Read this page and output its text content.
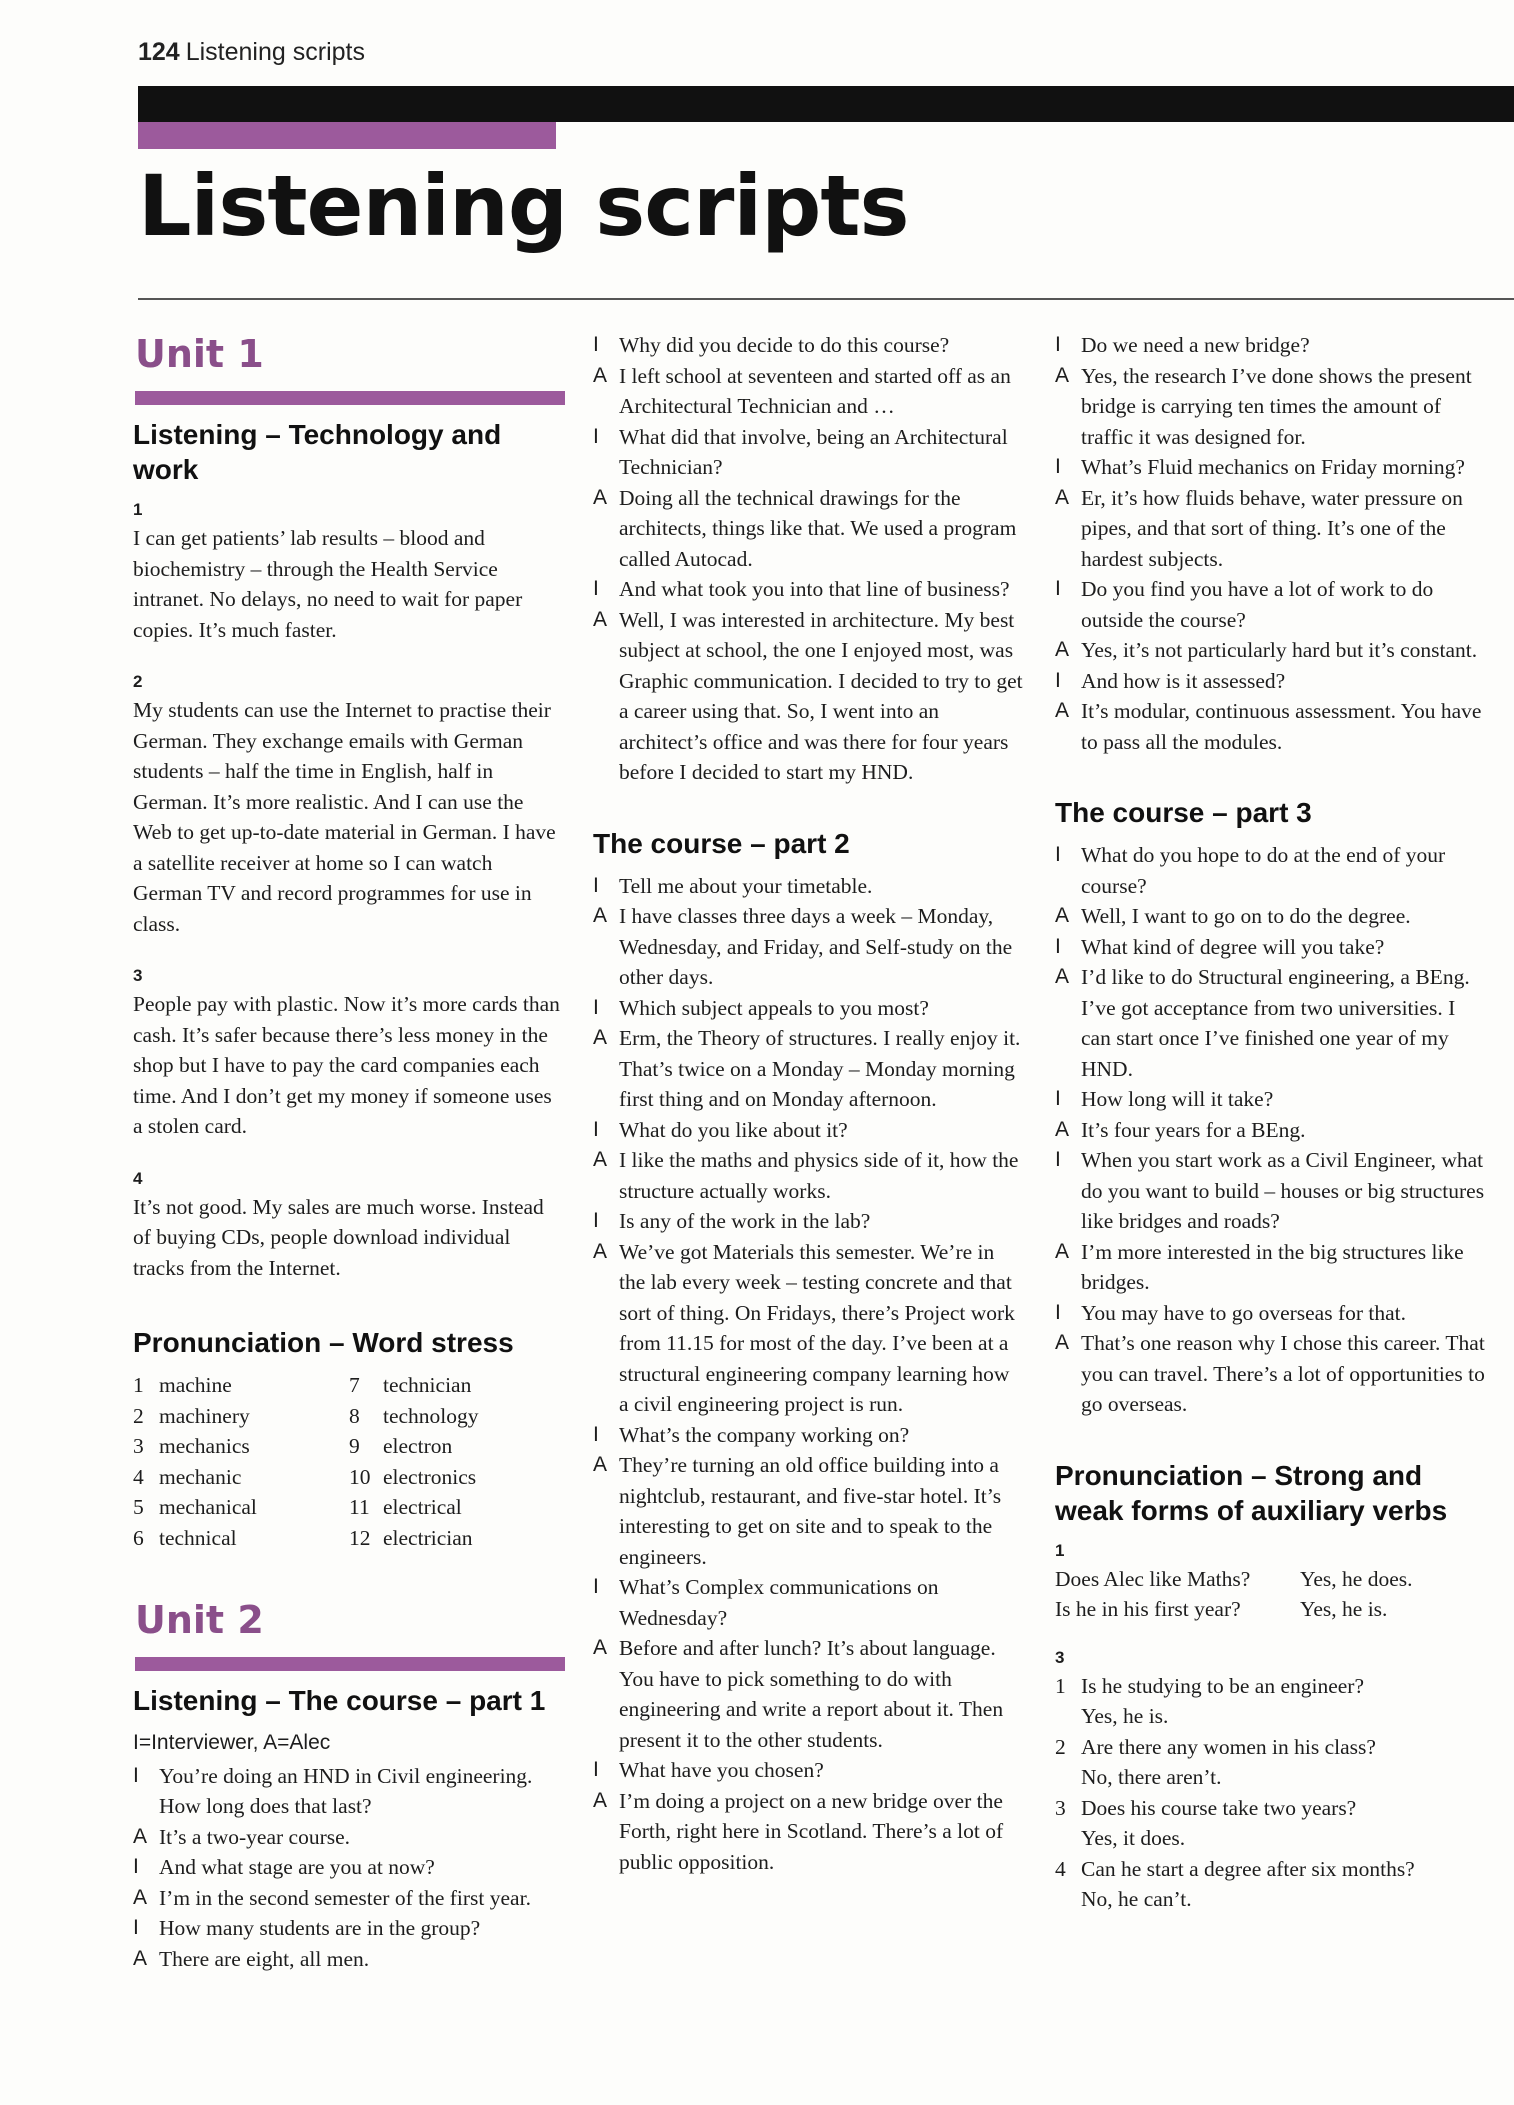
124 Listening scripts
Listening scripts
Unit 1
Listening – Technology and work
1

I can get patients’ lab results – blood and biochemistry – through the Health Service intranet. No delays, no need to wait for paper copies. It’s much faster.

2

My students can use the Internet to practise their German. They exchange emails with German students – half the time in English, half in German. It’s more realistic. And I can use the Web to get up-to-date material in German. I have a satellite receiver at home so I can watch German TV and record programmes for use in class.

3

People pay with plastic. Now it’s more cards than cash. It’s safer because there’s less money in the shop but I have to pay the card companies each time. And I don’t get my money if someone uses a stolen card.

4

It’s not good. My sales are much worse. Instead of buying CDs, people download individual tracks from the Internet.

Pronunciation – Word stress
1 machine
2 machinery
3 mechanics
4 mechanic
5 mechanical
6 technical
7	technician
8	technology
9	electron
10 electronics
11 electrical
12 electrician
Unit 2
Listening – The course – part 1
I=Interviewer, A=Alec
I You’re doing an HND in Civil engineering. How long does that last?
A It’s a two-year course.
I And what stage are you at now?
A I’m in the second semester of the first year.
I How many students are in the group?
A There are eight, all men.
I Why did you decide to do this course?
A I left school at seventeen and started off as an Architectural Technician and …
I What did that involve, being an Architectural Technician?
A Doing all the technical drawings for the architects, things like that. We used a program called Autocad.
I And what took you into that line of business?
A Well, I was interested in architecture. My best subject at school, the one I enjoyed most, was Graphic communication. I decided to try to get a career using that. So, I went into an architect’s office and was there for four years before I decided to start my HND.
The course – part 2
I Tell me about your timetable.
A I have classes three days a week – Monday, Wednesday, and Friday, and Self-study on the other days.
I Which subject appeals to you most?
A Erm, the Theory of structures. I really enjoy it. That’s twice on a Monday – Monday morning first thing and on Monday afternoon.
I What do you like about it?
A I like the maths and physics side of it, how the structure actually works.
I Is any of the work in the lab?
A We’ve got Materials this semester. We’re in the lab every week – testing concrete and that sort of thing. On Fridays, there’s Project work from 11.15 for most of the day. I’ve been at a structural engineering company learning how a civil engineering project is run.
I What’s the company working on?
A They’re turning an old office building into a nightclub, restaurant, and five-star hotel. It’s interesting to get on site and to speak to the engineers.
I What’s Complex communications on Wednesday?
A Before and after lunch? It’s about language. You have to pick something to do with engineering and write a report about it. Then present it to the other students.
I What have you chosen?
A I’m doing a project on a new bridge over the Forth, right here in Scotland. There’s a lot of public opposition.
I Do we need a new bridge?
A Yes, the research I’ve done shows the present bridge is carrying ten times the amount of traffic it was designed for.
I What’s Fluid mechanics on Friday morning?
A Er, it’s how fluids behave, water pressure on pipes, and that sort of thing. It’s one of the hardest subjects.
I Do you find you have a lot of work to do outside the course?
A Yes, it’s not particularly hard but it’s constant.
I And how is it assessed?
A It’s modular, continuous assessment. You have to pass all the modules.
The course – part 3
I What do you hope to do at the end of your course?
A Well, I want to go on to do the degree.
I What kind of degree will you take?
A I’d like to do Structural engineering, a BEng. I’ve got acceptance from two universities. I can start once I’ve finished one year of my HND.
I How long will it take?
A It’s four years for a BEng.
I When you start work as a Civil Engineer, what do you want to build – houses or big structures like bridges and roads?
A I’m more interested in the big structures like bridges.
I You may have to go overseas for that.
A That’s one reason why I chose this career. That you can travel. There’s a lot of opportunities to go overseas.
Pronunciation – Strong and weak forms of auxiliary verbs
1
Does Alec like Maths?	Yes, he does.
Is he in his first year?	Yes, he is.
3
1 Is he studying to be an engineer?
Yes, he is.
2 Are there any women in his class?
No, there aren’t.
3 Does his course take two years?
Yes, it does.
4 Can he start a degree after six months?
No, he can’t.
